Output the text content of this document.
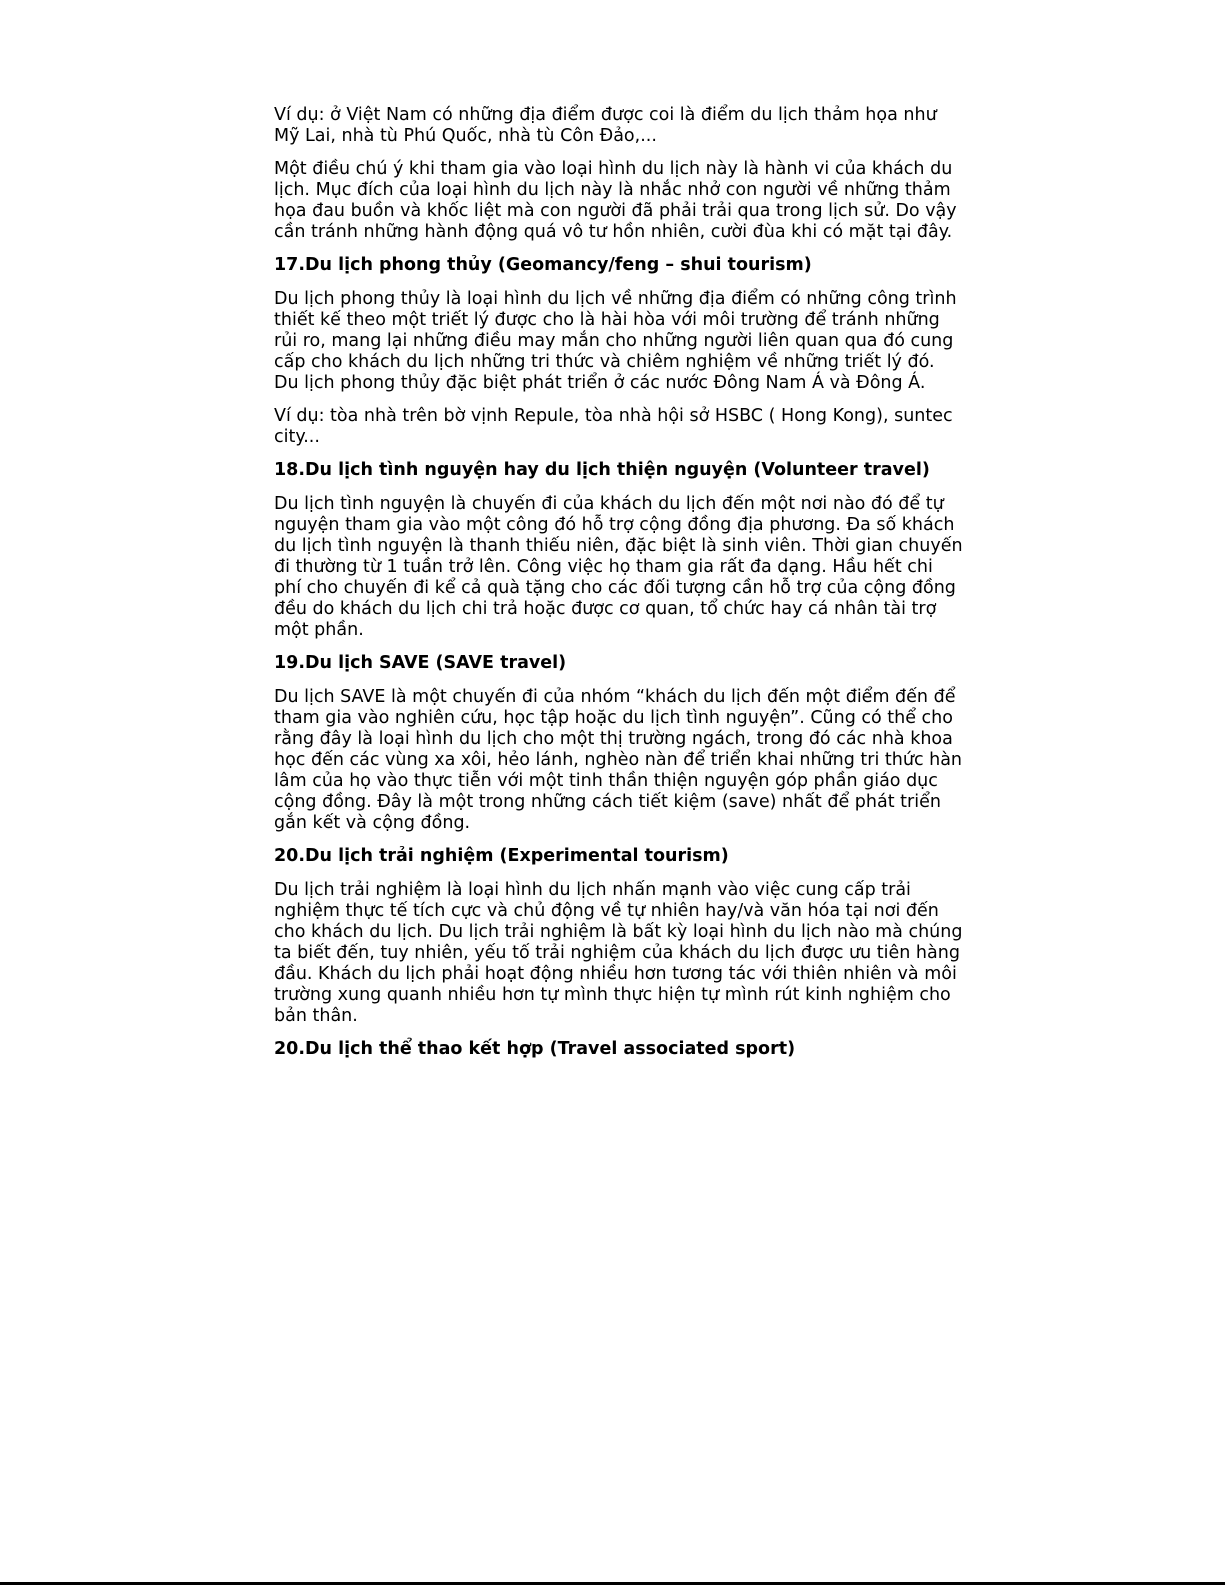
Ví dụ: ở Việt Nam có những địa điểm được coi là điểm du lịch thảm họa như Mỹ Lai, nhà tù Phú Quốc, nhà tù Côn Đảo,...

Một điều chú ý khi tham gia vào loại hình du lịch này là hành vi của khách du lịch. Mục đích của loại hình du lịch này là nhắc nhở con người về những thảm họa đau buồn và khốc liệt mà con người đã phải trải qua trong lịch sử. Do vậy cần tránh những hành động quá vô tư hồn nhiên, cười đùa khi có mặt tại đây.

17.Du lịch phong thủy (Geomancy/feng – shui tourism)

Du lịch phong thủy là loại hình du lịch về những địa điểm có những công trình thiết kế theo một triết lý được cho là hài hòa với môi trường để tránh những rủi ro, mang lại những điều may mắn cho những người liên quan qua đó cung cấp cho khách du lịch những tri thức và chiêm nghiệm về những triết lý đó. Du lịch phong thủy đặc biệt phát triển ở các nước Đông Nam Á và Đông Á.

Ví dụ: tòa nhà trên bờ vịnh Repule, tòa nhà hội sở HSBC ( Hong Kong), suntec city...

18.Du lịch tình nguyện hay du lịch thiện nguyện (Volunteer travel)

Du lịch tình nguyện là chuyến đi của khách du lịch đến một nơi nào đó để tự nguyện tham gia vào một công đó hỗ trợ cộng đồng địa phương. Đa số khách du lịch tình nguyện là thanh thiếu niên, đặc biệt là sinh viên. Thời gian chuyến đi thường từ 1 tuần trở lên. Công việc họ tham gia rất đa dạng. Hầu hết chi phí cho chuyến đi kể cả quà tặng cho các đối tượng cần hỗ trợ của cộng đồng đều do khách du lịch chi trả hoặc được cơ quan, tổ chức hay cá nhân tài trợ một phần.

19.Du lịch SAVE (SAVE travel)

Du lịch SAVE là một chuyến đi của nhóm “khách du lịch đến một điểm đến để tham gia vào nghiên cứu, học tập hoặc du lịch tình nguyện”. Cũng có thể cho rằng đây là loại hình du lịch cho một thị trường ngách, trong đó các nhà khoa học đến các vùng xa xôi, hẻo lánh, nghèo nàn để triển khai những tri thức hàn lâm của họ vào thực tiễn với một tinh thần thiện nguyện góp phần giáo dục cộng đồng. Đây là một trong những cách tiết kiệm (save) nhất để phát triển gắn kết và cộng đồng.

20.Du lịch trải nghiệm (Experimental tourism)

Du lịch trải nghiệm là loại hình du lịch nhấn mạnh vào việc cung cấp trải nghiệm thực tế tích cực và chủ động về tự nhiên hay/và văn hóa tại nơi đến cho khách du lịch. Du lịch trải nghiệm là bất kỳ loại hình du lịch nào mà chúng ta biết đến, tuy nhiên, yếu tố trải nghiệm của khách du lịch được ưu tiên hàng đầu. Khách du lịch phải hoạt động nhiều hơn tương tác với thiên nhiên và môi trường xung quanh nhiều hơn tự mình thực hiện tự mình rút kinh nghiệm cho bản thân.

20.Du lịch thể thao kết hợp (Travel associated sport)
